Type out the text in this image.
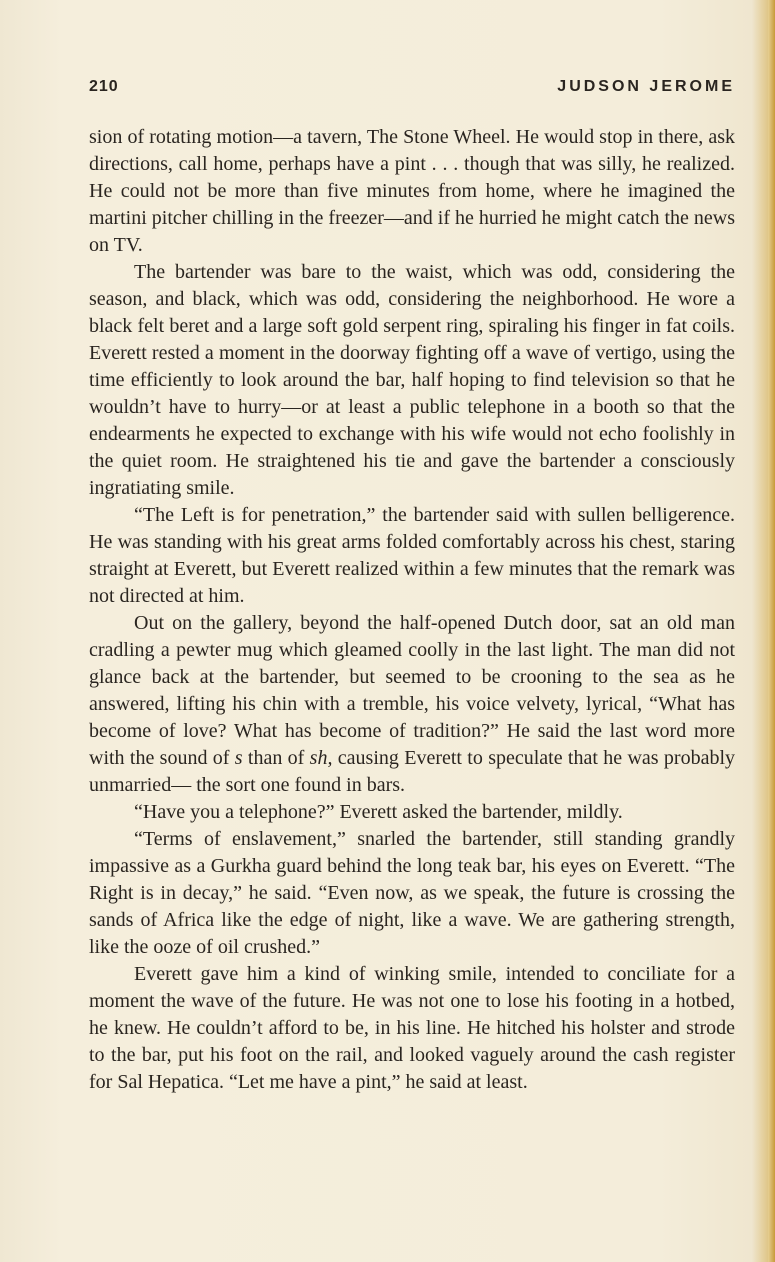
210	JUDSON JEROME

sion of rotating motion—a tavern, The Stone Wheel. He would stop in there, ask directions, call home, perhaps have a pint . . . though that was silly, he realized. He could not be more than five minutes from home, where he imagined the martini pitcher chilling in the freezer—and if he hurried he might catch the news on TV.

The bartender was bare to the waist, which was odd, considering the season, and black, which was odd, considering the neighborhood. He wore a black felt beret and a large soft gold serpent ring, spiraling his finger in fat coils. Everett rested a moment in the doorway fighting off a wave of vertigo, using the time efficiently to look around the bar, half hoping to find television so that he wouldn’t have to hurry—or at least a public telephone in a booth so that the endearments he expected to exchange with his wife would not echo foolishly in the quiet room. He straightened his tie and gave the bartender a consciously ingratiating smile.

“The Left is for penetration,” the bartender said with sullen belligerence. He was standing with his great arms folded comfortably across his chest, staring straight at Everett, but Everett realized within a few minutes that the remark was not directed at him.

Out on the gallery, beyond the half-opened Dutch door, sat an old man cradling a pewter mug which gleamed coolly in the last light. The man did not glance back at the bartender, but seemed to be crooning to the sea as he answered, lifting his chin with a tremble, his voice velvety, lyrical, “What has become of love? What has become of tradition?” He said the last word more with the sound of s than of sh, causing Everett to speculate that he was probably unmarried— the sort one found in bars.

“Have you a telephone?” Everett asked the bartender, mildly.

“Terms of enslavement,” snarled the bartender, still standing grandly impassive as a Gurkha guard behind the long teak bar, his eyes on Everett. “The Right is in decay,” he said. “Even now, as we speak, the future is crossing the sands of Africa like the edge of night, like a wave. We are gathering strength, like the ooze of oil crushed.”

Everett gave him a kind of winking smile, intended to conciliate for a moment the wave of the future. He was not one to lose his footing in a hotbed, he knew. He couldn’t afford to be, in his line. He hitched his holster and strode to the bar, put his foot on the rail, and looked vaguely around the cash register for Sal Hepatica. “Let me have a pint,” he said at least.
